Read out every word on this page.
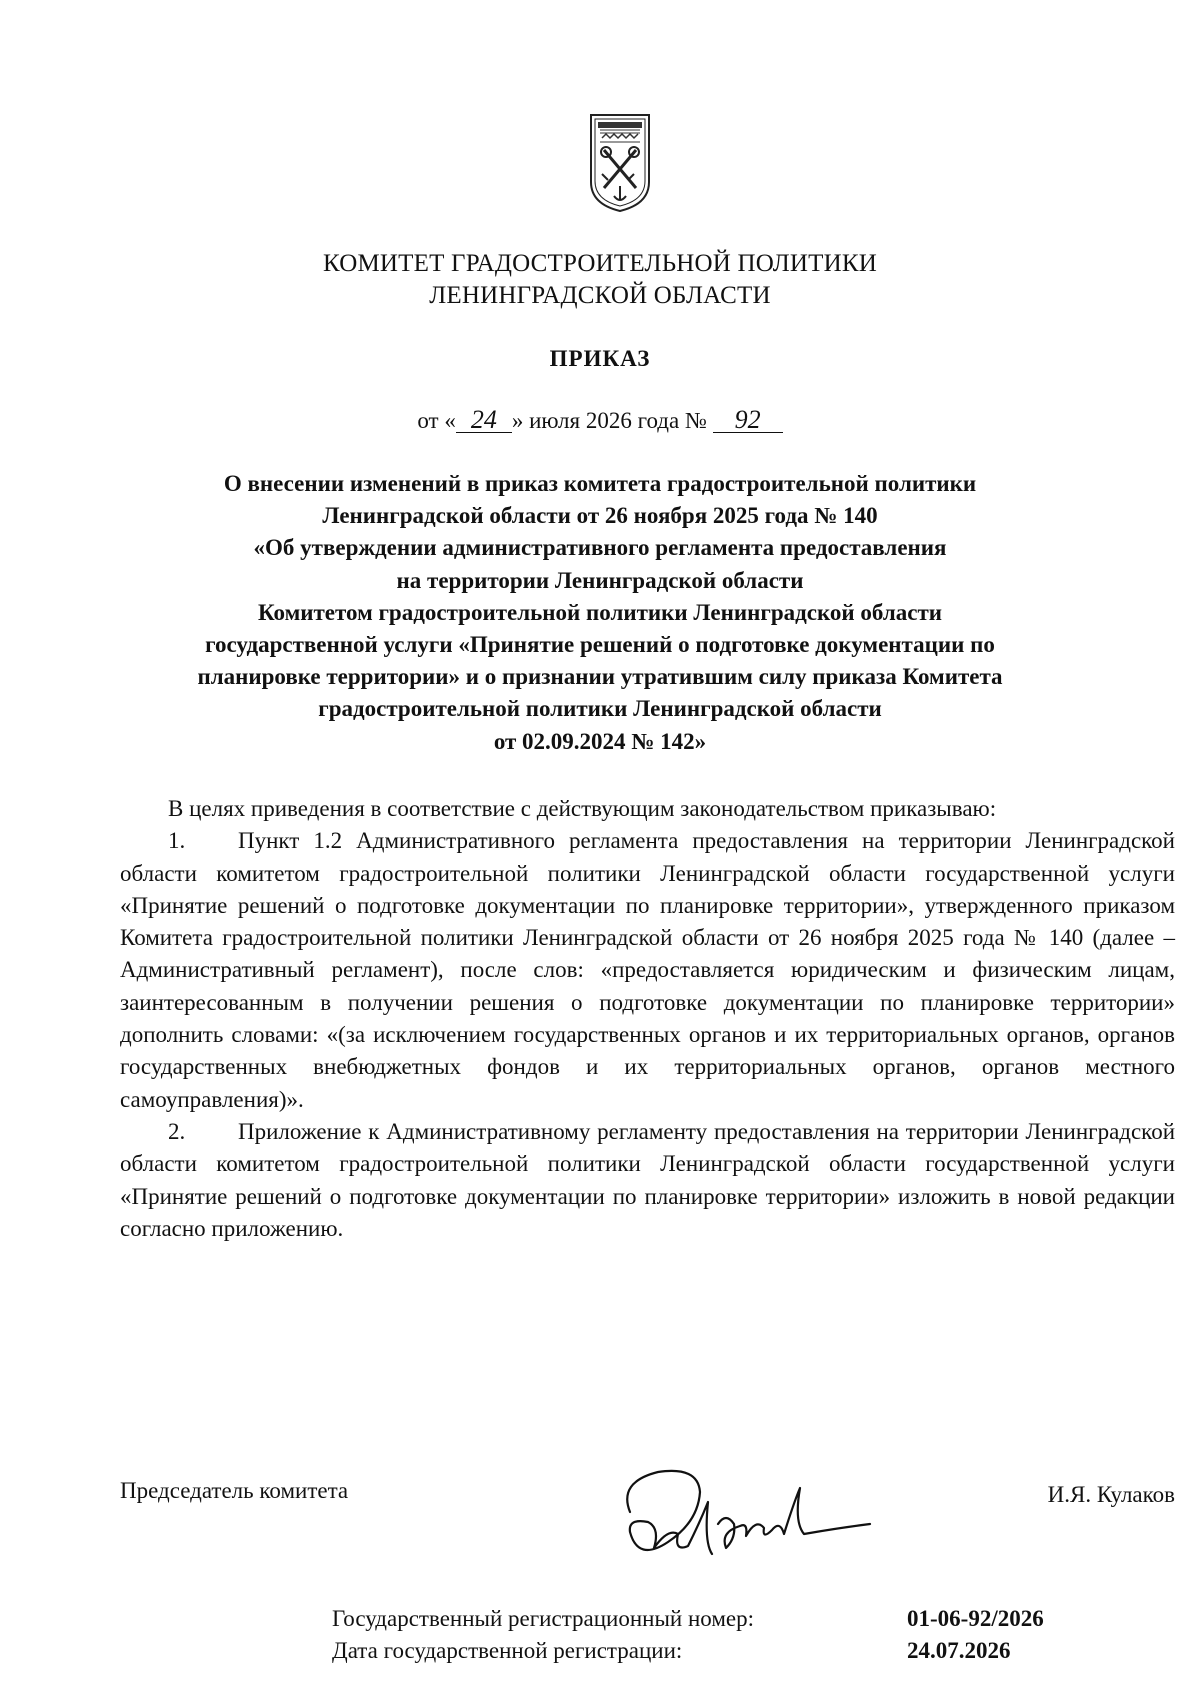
КОМИТЕТ ГРАДОСТРОИТЕЛЬНОЙ ПОЛИТИКИ
ЛЕНИНГРАДСКОЙ ОБЛАСТИ
ПРИКАЗ
от « 24 » июля 2026 года № 92
О внесении изменений в приказ комитета градостроительной политики
Ленинградской области от 26 ноября 2025 года № 140
«Об утверждении административного регламента предоставления
на территории Ленинградской области
Комитетом градостроительной политики Ленинградской области
государственной услуги «Принятие решений о подготовке документации по
планировке территории» и о признании утратившим силу приказа Комитета
градостроительной политики Ленинградской области
от 02.09.2024 № 142»

В целях приведения в соответствие с действующим законодательством приказываю:

1. Пункт 1.2 Административного регламента предоставления на территории Ленинградской области комитетом градостроительной политики Ленинградской области государственной услуги «Принятие решений о подготовке документации по планировке территории», утвержденного приказом Комитета градостроительной политики Ленинградской области от 26 ноября 2025 года № 140 (далее – Административный регламент), после слов: «предоставляется юридическим и физическим лицам, заинтересованным в получении решения о подготовке документации по планировке территории» дополнить словами: «(за исключением государственных органов и их территориальных органов, органов государственных внебюджетных фондов и их территориальных органов, органов местного самоуправления)».

2. Приложение к Административному регламенту предоставления на территории Ленинградской области комитетом градостроительной политики Ленинградской области государственной услуги «Принятие решений о подготовке документации по планировке территории» изложить в новой редакции согласно приложению.

Председатель комитета	И.Я. Кулаков
Государственный регистрационный номер:	01-06-92/2026
Дата государственной регистрации:	24.07.2026
